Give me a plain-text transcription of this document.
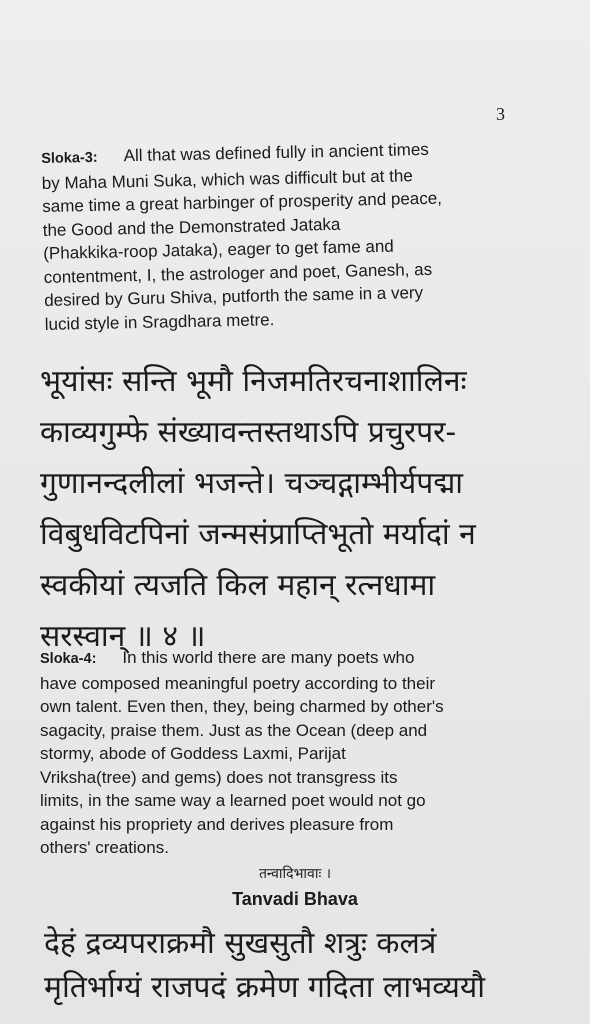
3

Sloka-3: All that was defined fully in ancient times
by Maha Muni Suka, which was difficult but at the
same time a great harbinger of prosperity and peace,
the Good and the Demonstrated Jataka
(Phakkika-roop Jataka), eager to get fame and
contentment, I, the astrologer and poet, Ganesh, as
desired by Guru Shiva, putforth the same in a very
lucid style in Sragdhara metre.

भूयांसः सन्ति भूमौ निजमतिरचनाशालिनः
काव्यगुम्फे संख्यावन्तस्तथाऽपि प्रचुरपर-
गुणानन्दलीलां भजन्ते। चञ्चद्गाम्भीर्यपद्मा
विबुधविटपिनां जन्मसंप्राप्तिभूतो मर्यादां न
स्वकीयां त्यजति किल महान् रत्नधामा
सरस्वान् ॥ ४ ॥

Sloka-4: In this world there are many poets who
have composed meaningful poetry according to their
own talent. Even then, they, being charmed by other's
sagacity, praise them. Just as the Ocean (deep and
stormy, abode of Goddess Laxmi, Parijat
Vriksha(tree) and gems) does not transgress its
limits, in the same way a learned poet would not go
against his propriety and derives pleasure from
others' creations.

तन्वादिभावाः ।
Tanvadi Bhava

देहं द्रव्यपराक्रमौ सुखसुतौ शत्रुः कलत्रं
मृतिर्भाग्यं राजपदं क्रमेण गदिता लाभव्ययौ
